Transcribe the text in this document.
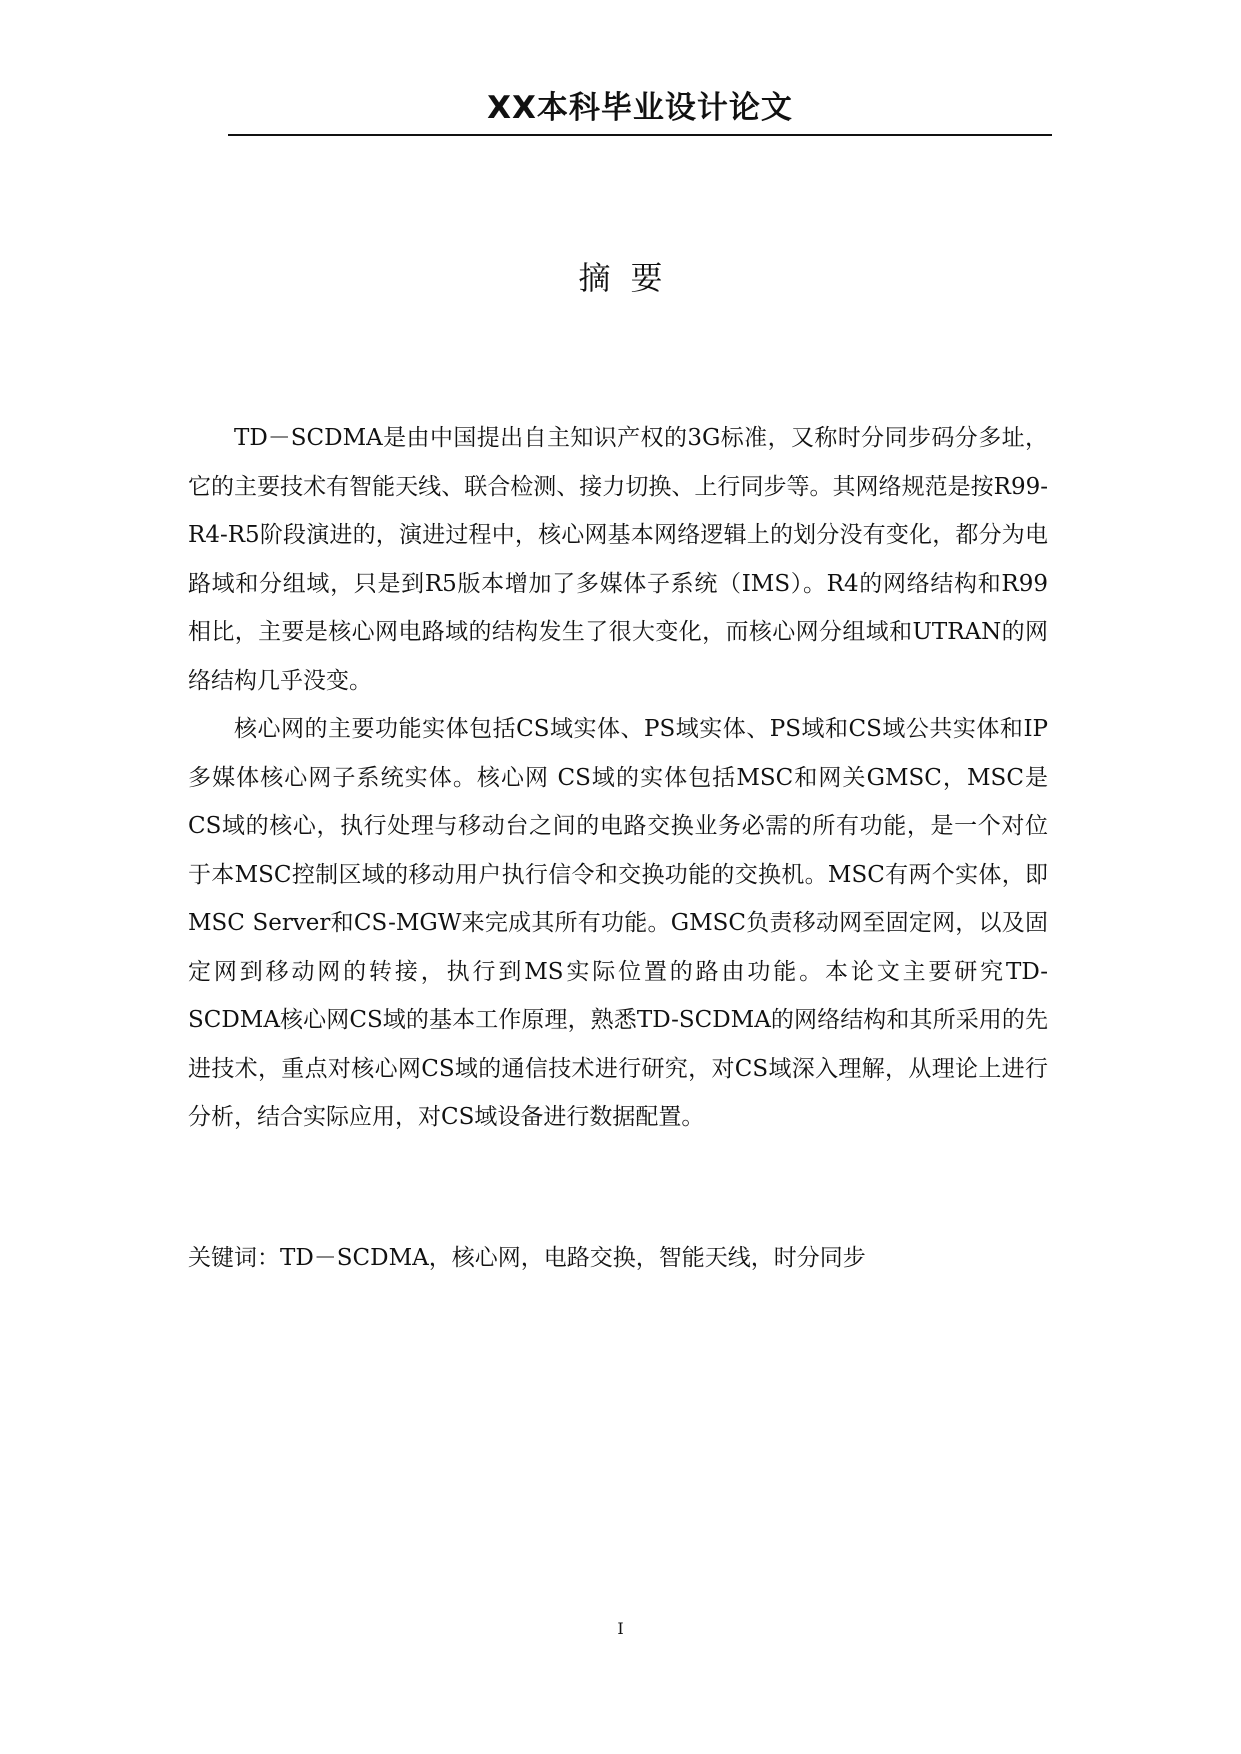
XX本科毕业设计论文
摘要

TD－SCDMA是由中国提出自主知识产权的3G标准，又称时分同步码分多址，它的主要技术有智能天线、联合检测、接力切换、上行同步等。其网络规范是按R99-R4-R5阶段演进的，演进过程中，核心网基本网络逻辑上的划分没有变化，都分为电路域和分组域，只是到R5版本增加了多媒体子系统（IMS）。R4的网络结构和R99相比，主要是核心网电路域的结构发生了很大变化，而核心网分组域和UTRAN的网络结构几乎没变。

核心网的主要功能实体包括CS域实体、PS域实体、PS域和CS域公共实体和IP多媒体核心网子系统实体。核心网 CS域的实体包括MSC和网关GMSC，MSC是CS域的核心，执行处理与移动台之间的电路交换业务必需的所有功能，是一个对位于本MSC控制区域的移动用户执行信令和交换功能的交换机。MSC有两个实体，即MSC Server和CS-MGW来完成其所有功能。GMSC负责移动网至固定网，以及固定网到移动网的转接，执行到MS实际位置的路由功能。本论文主要研究TD-SCDMA核心网CS域的基本工作原理，熟悉TD-SCDMA的网络结构和其所采用的先进技术，重点对核心网CS域的通信技术进行研究，对CS域深入理解，从理论上进行分析，结合实际应用，对CS域设备进行数据配置。

关键词：TD－SCDMA，核心网，电路交换，智能天线，时分同步
I
